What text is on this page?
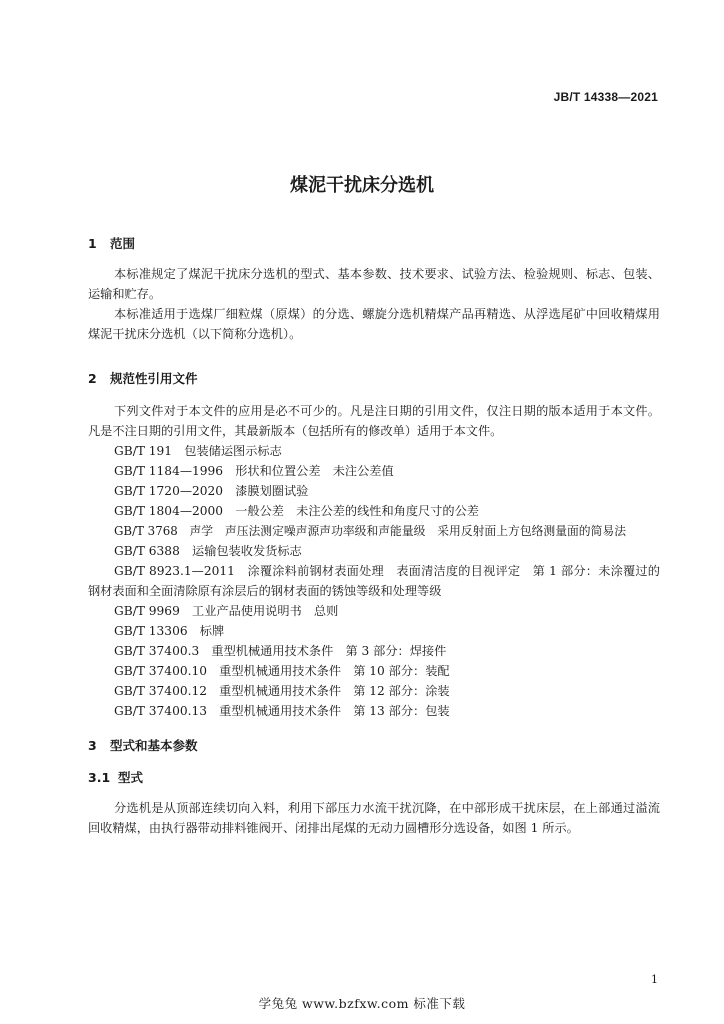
JB/T 14338—2021
煤泥干扰床分选机
1 范围
本标准规定了煤泥干扰床分选机的型式、基本参数、技术要求、试验方法、检验规则、标志、包装、运输和贮存。
本标准适用于选煤厂细粒煤（原煤）的分选、螺旋分选机精煤产品再精选、从浮选尾矿中回收精煤用煤泥干扰床分选机（以下简称分选机）。
2 规范性引用文件
下列文件对于本文件的应用是必不可少的。凡是注日期的引用文件，仅注日期的版本适用于本文件。凡是不注日期的引用文件，其最新版本（包括所有的修改单）适用于本文件。
GB/T 191　包装储运图示标志
GB/T 1184—1996　形状和位置公差　未注公差值
GB/T 1720—2020　漆膜划圈试验
GB/T 1804—2000　一般公差　未注公差的线性和角度尺寸的公差
GB/T 3768　声学　声压法测定噪声源声功率级和声能量级　采用反射面上方包络测量面的简易法
GB/T 6388　运输包装收发货标志
GB/T 8923.1—2011　涂覆涂料前钢材表面处理　表面清洁度的目视评定　第 1 部分：未涂覆过的钢材表面和全面清除原有涂层后的钢材表面的锈蚀等级和处理等级
GB/T 9969　工业产品使用说明书　总则
GB/T 13306　标牌
GB/T 37400.3　重型机械通用技术条件　第 3 部分：焊接件
GB/T 37400.10　重型机械通用技术条件　第 10 部分：装配
GB/T 37400.12　重型机械通用技术条件　第 12 部分：涂装
GB/T 37400.13　重型机械通用技术条件　第 13 部分：包装
3 型式和基本参数
3.1 型式
分选机是从顶部连续切向入料，利用下部压力水流干扰沉降，在中部形成干扰床层，在上部通过溢流回收精煤，由执行器带动排料锥阀开、闭排出尾煤的无动力圆槽形分选设备，如图 1 所示。
1
学兔兔 www.bzfxw.com 标准下载
